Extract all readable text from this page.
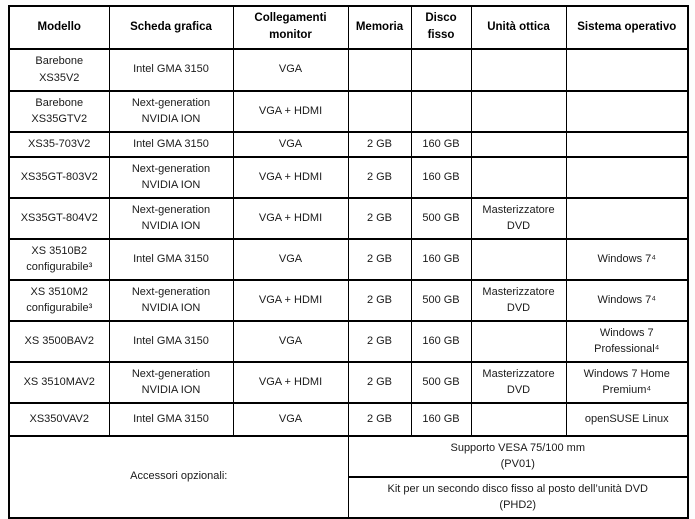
Modello	Scheda grafica	Collegamenti monitor	Memoria	Disco fisso	Unità ottica	Sistema operativo
Barebone XS35V2	Intel GMA 3150	VGA				
Barebone XS35GTV2	Next-generation NVIDIA ION	VGA + HDMI				
XS35-703V2	Intel GMA 3150	VGA	2 GB	160 GB		
XS35GT-803V2	Next-generation NVIDIA ION	VGA + HDMI	2 GB	160 GB		
XS35GT-804V2	Next-generation NVIDIA ION	VGA + HDMI	2 GB	500 GB	Masterizzatore DVD	
XS 3510B2 configurabile³	Intel GMA 3150	VGA	2 GB	160 GB		Windows 7⁴
XS 3510M2 configurabile³	Next-generation NVIDIA ION	VGA + HDMI	2 GB	500 GB	Masterizzatore DVD	Windows 7⁴
XS 3500BAV2	Intel GMA 3150	VGA	2 GB	160 GB		Windows 7 Professional⁴
XS 3510MAV2	Next-generation NVIDIA ION	VGA + HDMI	2 GB	500 GB	Masterizzatore DVD	Windows 7 Home Premium⁴
XS350VAV2	Intel GMA 3150	VGA	2 GB	160 GB		openSUSE Linux
Accessori opzionali:			Supporto VESA 75/100 mm
(PV01)			

			Kit per un secondo disco fisso al posto dell’unità DVD
(PHD2)			
